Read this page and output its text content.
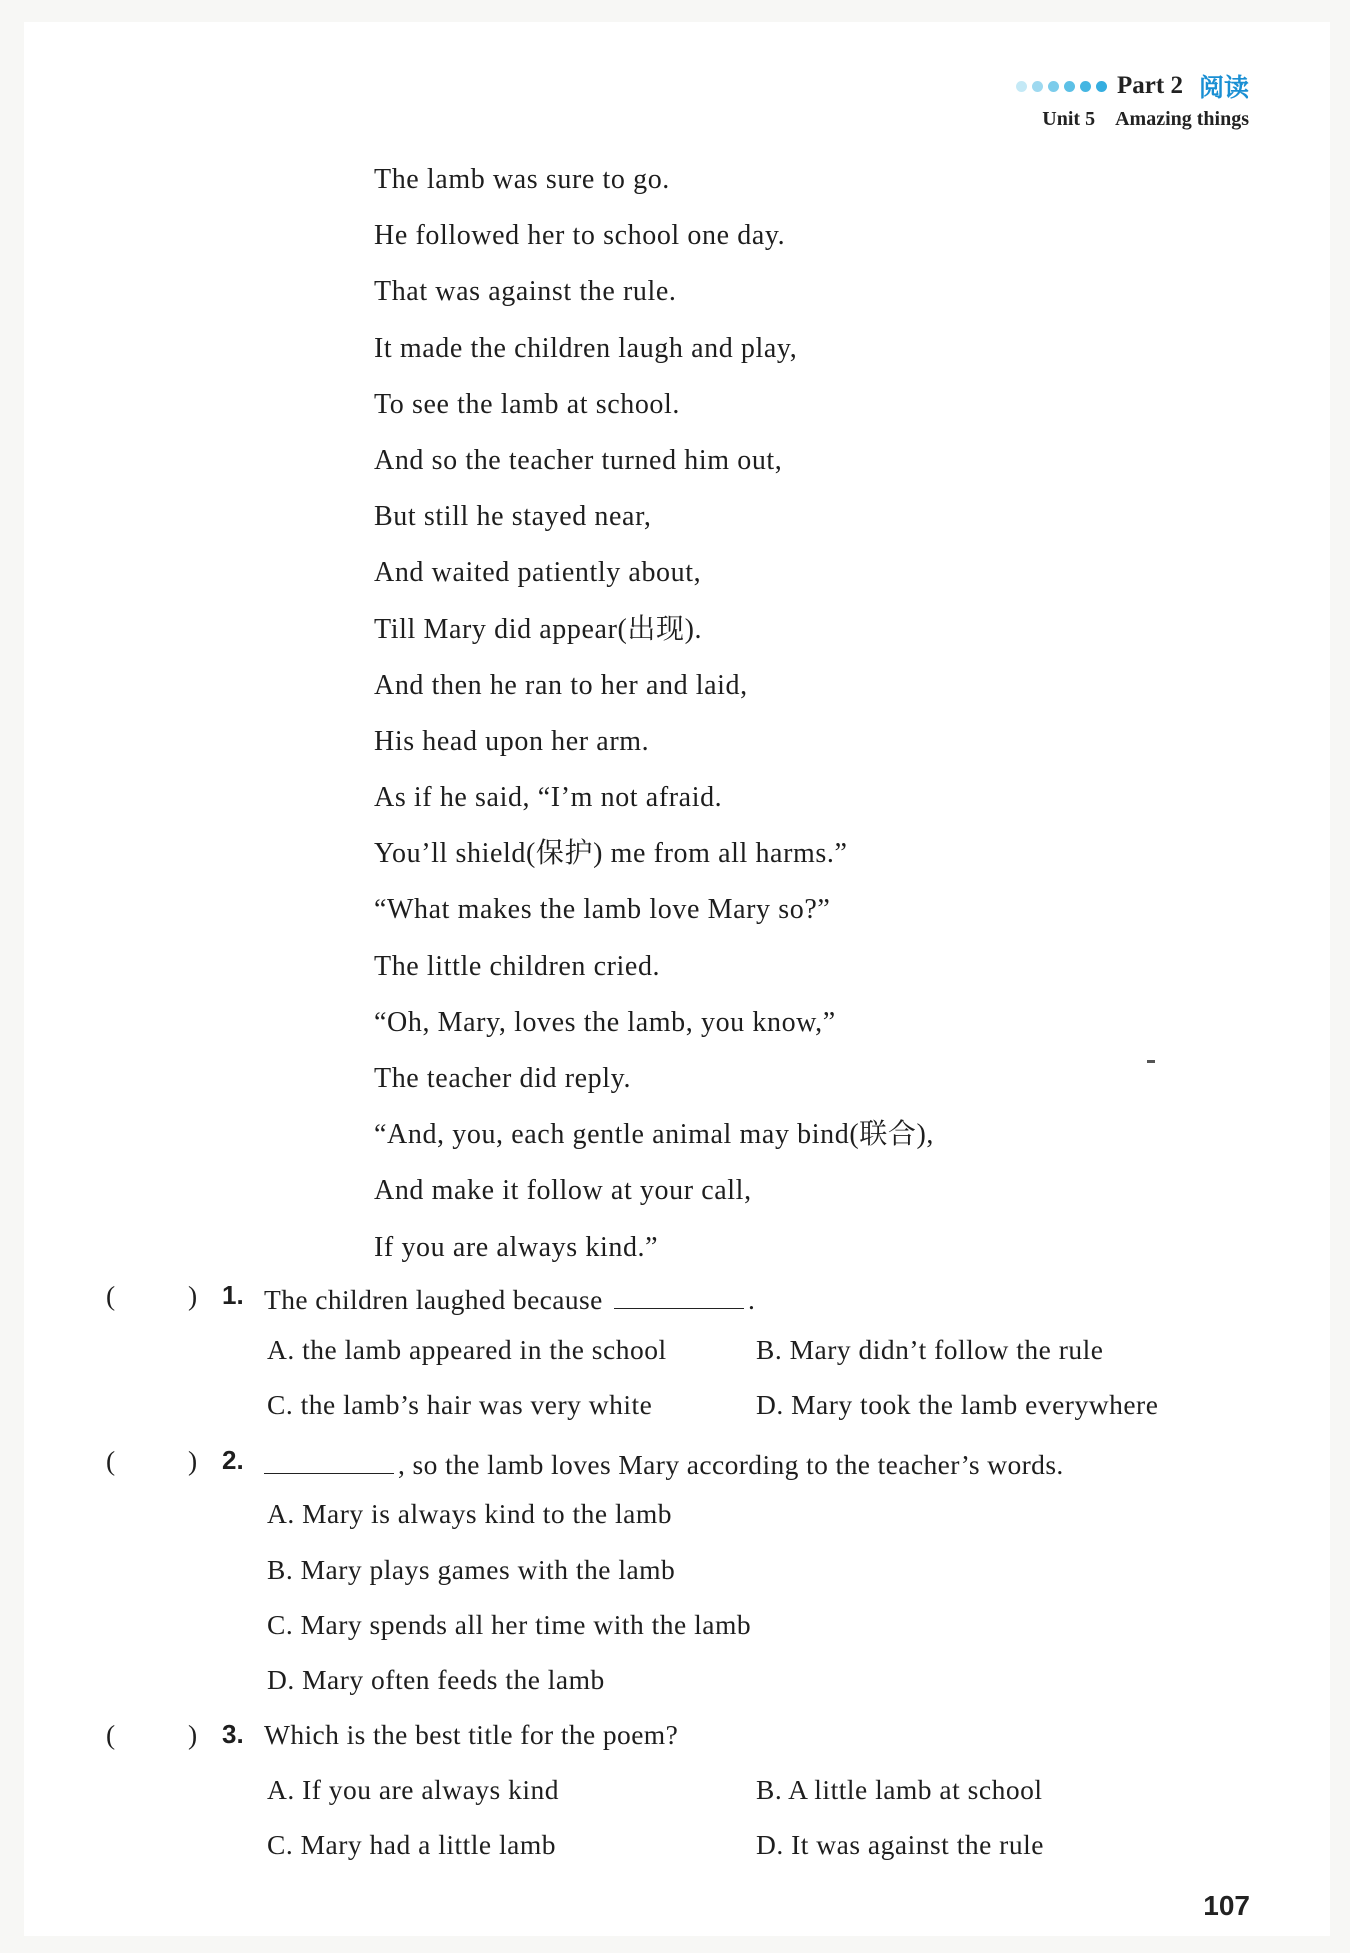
Part 2 阅读
Unit 5 Amazing things
The lamb was sure to go.
He followed her to school one day.
That was against the rule.
It made the children laugh and play,
To see the lamb at school.
And so the teacher turned him out,
But still he stayed near,
And waited patiently about,
Till Mary did appear(出现).
And then he ran to her and laid,
His head upon her arm.
As if he said, “I’m not afraid.
You’ll shield(保护) me from all harms.”
“What makes the lamb love Mary so?”
The little children cried.
“Oh, Mary, loves the lamb, you know,”
The teacher did reply.
“And, you, each gentle animal may bind(联合),
And make it follow at your call,
If you are always kind.”
(	) 1. The children laughed because	.
A. the lamb appeared in the school	B. Mary didn’t follow the rule
C. the lamb’s hair was very white	D. Mary took the lamb everywhere
(	) 2.	, so the lamb loves Mary according to the teacher’s words.
A. Mary is always kind to the lamb
B. Mary plays games with the lamb
C. Mary spends all her time with the lamb
D. Mary often feeds the lamb
(	) 3. Which is the best title for the poem?
A. If you are always kind	B. A little lamb at school
C. Mary had a little lamb	D. It was against the rule
107
